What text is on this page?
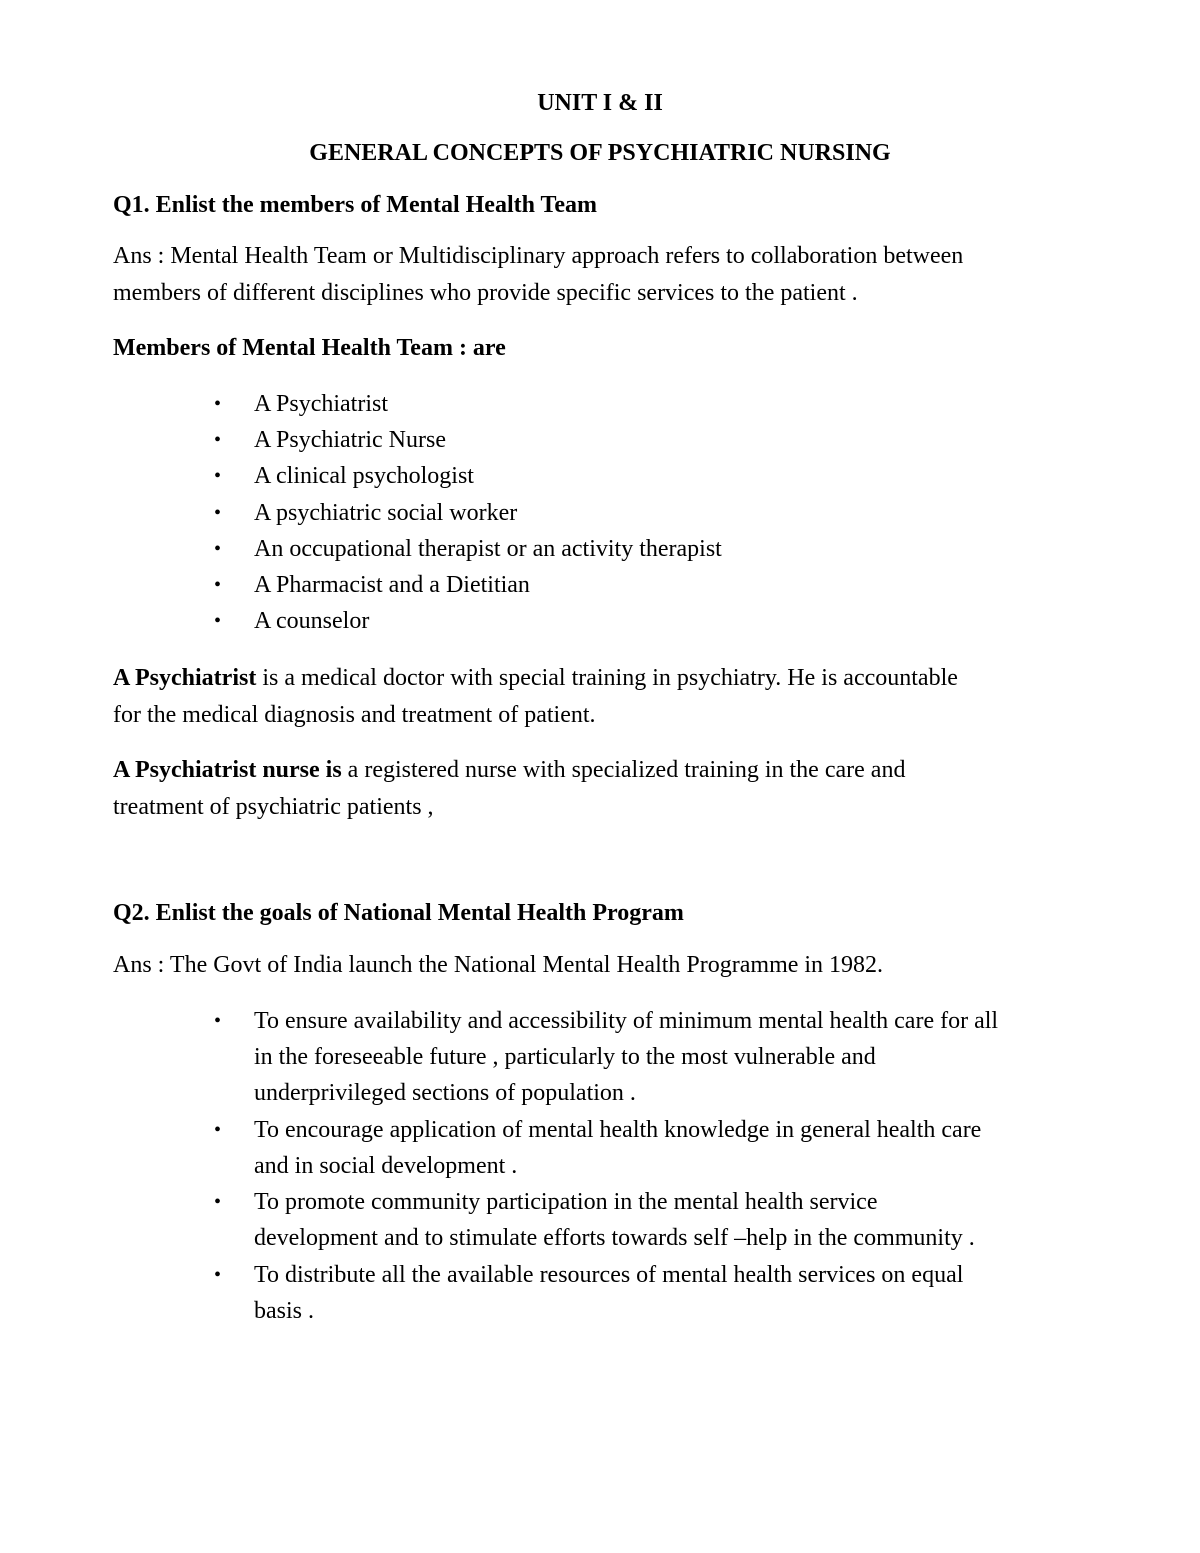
UNIT I & II
GENERAL CONCEPTS OF PSYCHIATRIC NURSING
Q1. Enlist the members of Mental Health Team
Ans : Mental Health Team or Multidisciplinary approach refers to collaboration between
members of different disciplines who provide specific services to the patient .
Members of Mental Health Team : are
• A Psychiatrist
• A Psychiatric Nurse
• A clinical psychologist
• A psychiatric social worker
• An occupational therapist or an activity therapist
• A Pharmacist and a Dietitian
• A counselor
A Psychiatrist is a medical doctor with special training in psychiatry. He is accountable
for the medical diagnosis and treatment of patient.
A Psychiatrist nurse is a registered nurse with specialized training in the care and
treatment of psychiatric patients ,
Q2. Enlist the goals of National Mental Health Program
Ans : The Govt of India launch the National Mental Health Programme in 1982.
• To ensure availability and accessibility of minimum mental health care for all
in the foreseeable future , particularly to the most vulnerable and
underprivileged sections of population .
• To encourage application of mental health knowledge in general health care
and in social development .
• To promote community participation in the mental health service
development and to stimulate efforts towards self –help in the community .
• To distribute all the available resources of mental health services on equal
basis .
